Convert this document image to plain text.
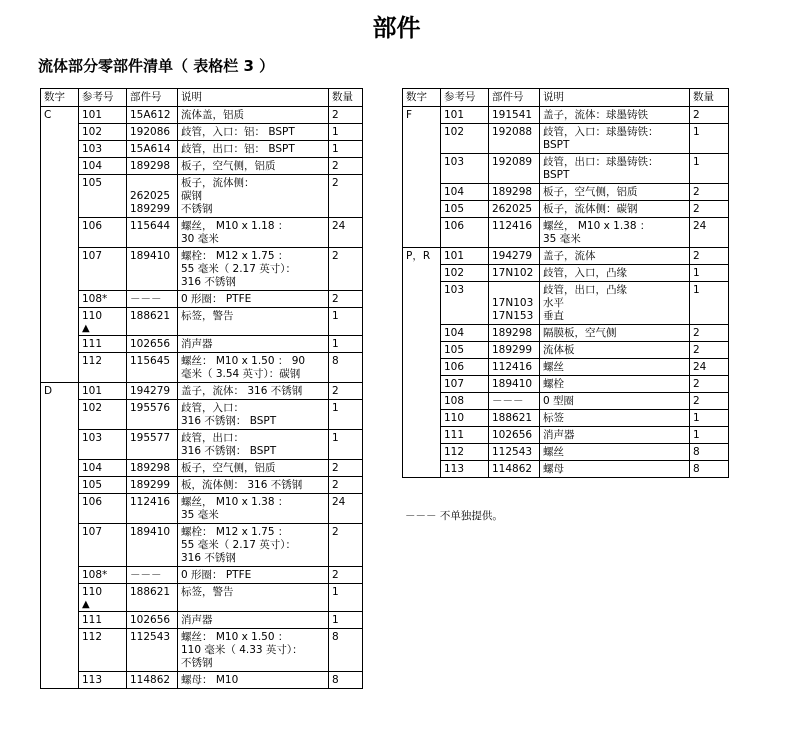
部件
流体部分零部件清单（ 表格栏 3 ）
数字	参考号	部件号	说明	数量
C	101	15A612	流体盖，铝质	2

	102	192086	歧管，入口：铝： BSPT	1

	103	15A614	歧管，出口：铝： BSPT	1

	104	189298	板子，空气侧，铝质	2

	105	
262025
189299	板子，流体侧：
碳钢
不锈钢	2

	106	115644	螺丝， M10 x 1.18 ：
30 毫米	24

	107	189410	螺栓： M12 x 1.75 ：
55 毫米（ 2.17 英寸）：
316 不锈钢	2

	108*	－－－	0 形圈： PTFE	2

	110
▲	188621	标签，警告	1

	111	102656	消声器	1

	112	115645	螺丝： M10 x 1.50 ： 90
毫米（ 3.54 英寸）：碳钢	8
D	101	194279	盖子，流体： 316 不锈钢	2

	102	195576	歧管，入口：
316 不锈钢： BSPT	1

	103	195577	歧管，出口：
316 不锈钢： BSPT	1

	104	189298	板子，空气侧，铝质	2

	105	189299	板，流体侧： 316 不锈钢	2

	106	112416	螺丝， M10 x 1.38 ：
35 毫米	24

	107	189410	螺栓： M12 x 1.75 ：
55 毫米（ 2.17 英寸）：
316 不锈钢	2

	108*	－－－	0 形圈： PTFE	2

	110
▲	188621	标签，警告	1

	111	102656	消声器	1

	112	112543	螺丝： M10 x 1.50 ：
110 毫米（ 4.33 英寸）：
不锈钢	8

	113	114862	螺母： M10	8
数字	参考号	部件号	说明	数量
F	101	191541	盖子，流体：球墨铸铁	2

	102	192088	歧管，入口：球墨铸铁：
BSPT	1

	103	192089	歧管，出口：球墨铸铁：
BSPT	1

	104	189298	板子，空气侧，铝质	2

	105	262025	板子，流体侧：碳钢	2

	106	112416	螺丝， M10 x 1.38 ：
35 毫米	24
P，R	101	194279	盖子，流体	2

	102	17N102	歧管，入口，凸缘	1

	103	
17N103
17N153	歧管，出口，凸缘
水平
垂直	1

	104	189298	隔膜板，空气侧	2

	105	189299	流体板	2

	106	112416	螺丝	24

	107	189410	螺栓	2

	108	－－－	0 型圈	2

	110	188621	标签	1

	111	102656	消声器	1

	112	112543	螺丝	8

	113	114862	螺母	8
－－－ 不单独提供。
